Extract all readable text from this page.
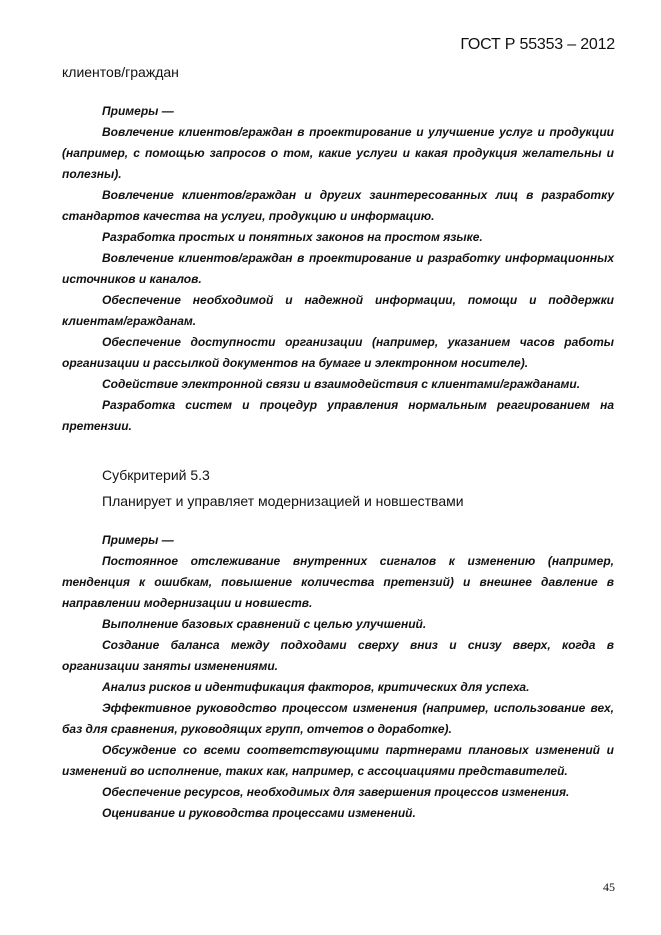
ГОСТ Р 55353 – 2012
клиентов/граждан
Примеры —

Вовлечение клиентов/граждан в проектирование и улучшение услуг и продукции (например, с помощью запросов о том, какие услуги и какая продукция желательны и полезны).

Вовлечение клиентов/граждан и других заинтересованных лиц в разработку стандартов качества на услуги, продукцию и информацию.

Разработка простых и понятных законов на простом языке.

Вовлечение клиентов/граждан в проектирование и разработку информационных источников и каналов.

Обеспечение необходимой и надежной информации, помощи и поддержки клиентам/гражданам.

Обеспечение доступности организации (например, указанием часов работы организации и рассылкой документов на бумаге и электронном носителе).

Содействие электронной связи и взаимодействия с клиентами/гражданами.

Разработка систем и процедур управления нормальным реагированием на претензии.

Субкритерий 5.3
Планирует и управляет модернизацией и новшествами
Примеры —

Постоянное отслеживание внутренних сигналов к изменению (например, тенденция к ошибкам, повышение количества претензий) и внешнее давление в направлении модернизации и новшеств.

Выполнение базовых сравнений с целью улучшений.

Создание баланса между подходами сверху вниз и снизу вверх, когда в организации заняты изменениями.

Анализ рисков и идентификация факторов, критических для успеха.

Эффективное руководство процессом изменения (например, использование вех, баз для сравнения, руководящих групп, отчетов о доработке).

Обсуждение со всеми соответствующими партнерами плановых изменений и изменений во исполнение, таких как, например, с ассоциациями представителей.

Обеспечение ресурсов, необходимых для завершения процессов изменения.

Оценивание и руководства процессами изменений.

45
